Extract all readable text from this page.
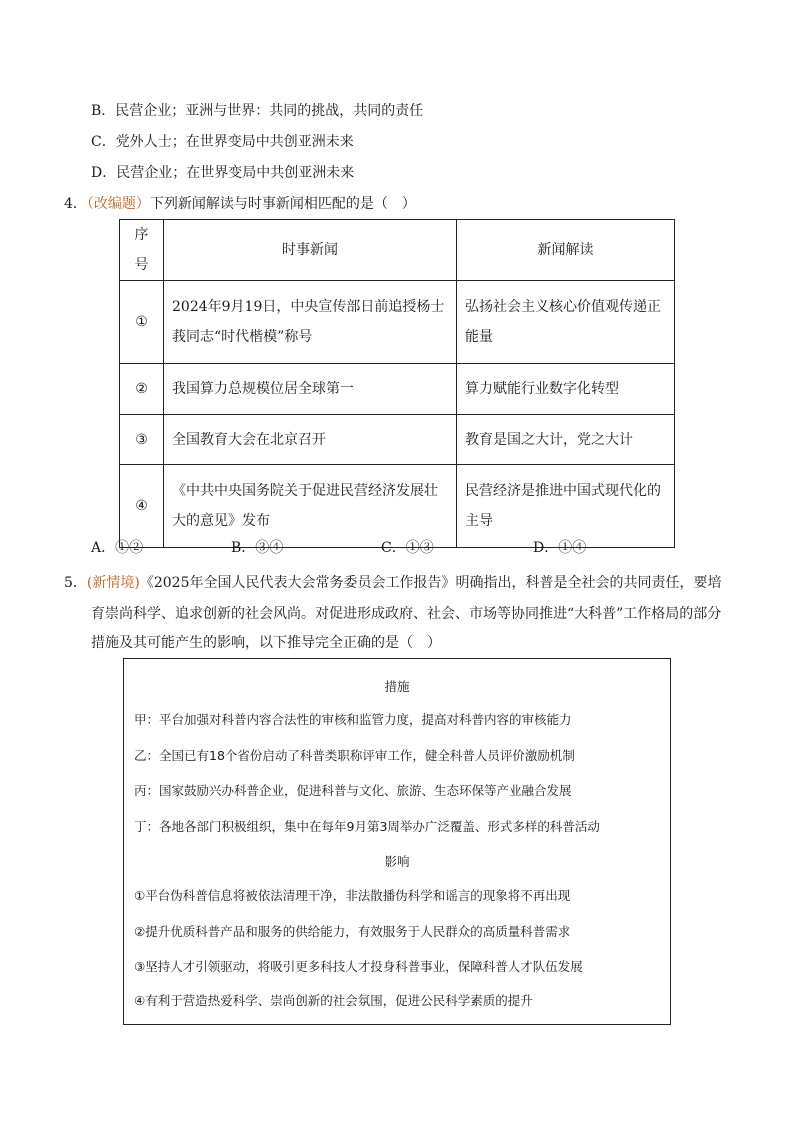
B．民营企业；亚洲与世界：共同的挑战，共同的责任
C．党外人士；在世界变局中共创亚洲未来
D．民营企业；在世界变局中共创亚洲未来
4．（改编题）下列新闻解读与时事新闻相匹配的是（　）
序号	时事新闻	新闻解读
①	2024年9月19日，中央宣传部日前追授杨士莪同志“时代楷模”称号	弘扬社会主义核心价值观传递正能量
②	我国算力总规模位居全球第一	算力赋能行业数字化转型
③	全国教育大会在北京召开	教育是国之大计，党之大计
④	《中共中央国务院关于促进民营经济发展壮大的意见》发布	民营经济是推进中国式现代化的主导
A．①②	B．③④	C．①③	D．①④
5．(新情境)《2025年全国人民代表大会常务委员会工作报告》明确指出，科普是全社会的共同责任，要培
育崇尚科学、追求创新的社会风尚。对促进形成政府、社会、市场等协同推进“大科普”工作格局的部分
措施及其可能产生的影响，以下推导完全正确的是（　）
措施
甲：平台加强对科普内容合法性的审核和监管力度，提高对科普内容的审核能力
乙：全国已有18个省份启动了科普类职称评审工作，健全科普人员评价激励机制
丙：国家鼓励兴办科普企业，促进科普与文化、旅游、生态环保等产业融合发展
丁：各地各部门积极组织，集中在每年9月第3周举办广泛覆盖、形式多样的科普活动
影响
①平台伪科普信息将被依法清理干净，非法散播伪科学和谣言的现象将不再出现
②提升优质科普产品和服务的供给能力，有效服务于人民群众的高质量科普需求
③坚持人才引领驱动，将吸引更多科技人才投身科普事业，保障科普人才队伍发展
④有利于营造热爱科学、崇尚创新的社会氛围，促进公民科学素质的提升
